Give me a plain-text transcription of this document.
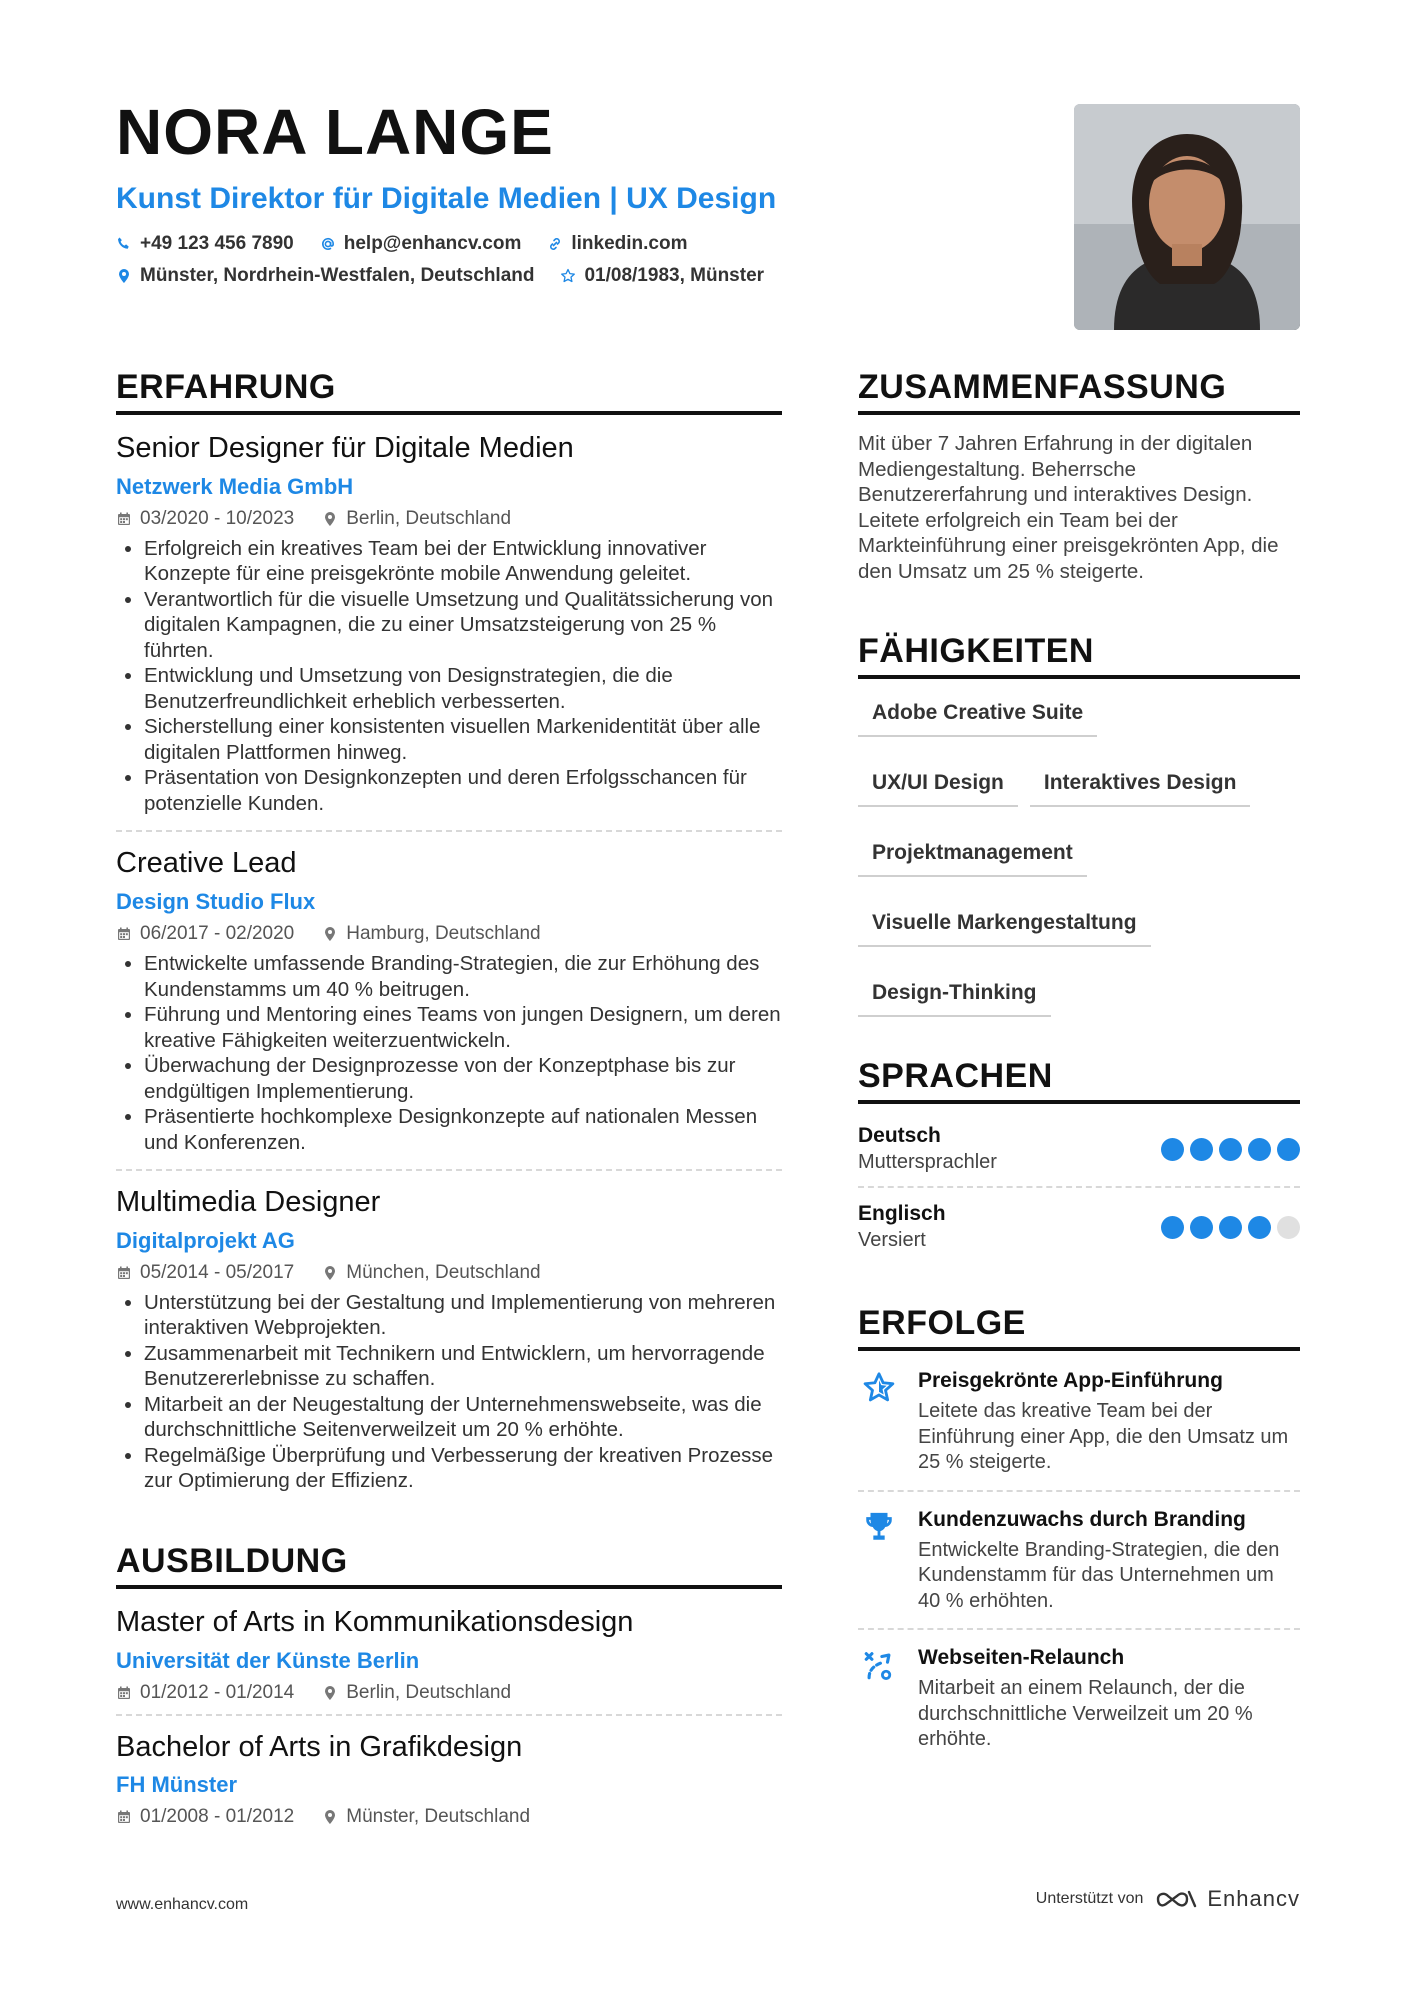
NORA LANGE
Kunst Direktor für Digitale Medien | UX Design
+49 123 456 7890	help@enhancv.com	linkedin.com
Münster, Nordrhein-Westfalen, Deutschland	01/08/1983, Münster
ERFAHRUNG
Senior Designer für Digitale Medien
Netzwerk Media GmbH
03/2020 - 10/2023	Berlin, Deutschland
• Erfolgreich ein kreatives Team bei der Entwicklung innovativer Konzepte für eine preisgekrönte mobile Anwendung geleitet.
• Verantwortlich für die visuelle Umsetzung und Qualitätssicherung von digitalen Kampagnen, die zu einer Umsatzsteigerung von 25 % führten.
• Entwicklung und Umsetzung von Designstrategien, die die Benutzerfreundlichkeit erheblich verbesserten.
• Sicherstellung einer konsistenten visuellen Markenidentität über alle digitalen Plattformen hinweg.
• Präsentation von Designkonzepten und deren Erfolgsschancen für potenzielle Kunden.
Creative Lead
Design Studio Flux
06/2017 - 02/2020	Hamburg, Deutschland
• Entwickelte umfassende Branding-Strategien, die zur Erhöhung des Kundenstamms um 40 % beitrugen.
• Führung und Mentoring eines Teams von jungen Designern, um deren kreative Fähigkeiten weiterzuentwickeln.
• Überwachung der Designprozesse von der Konzeptphase bis zur endgültigen Implementierung.
• Präsentierte hochkomplexe Designkonzepte auf nationalen Messen und Konferenzen.
Multimedia Designer
Digitalprojekt AG
05/2014 - 05/2017	München, Deutschland
• Unterstützung bei der Gestaltung und Implementierung von mehreren interaktiven Webprojekten.
• Zusammenarbeit mit Technikern und Entwicklern, um hervorragende Benutzererlebnisse zu schaffen.
• Mitarbeit an der Neugestaltung der Unternehmenswebseite, was die durchschnittliche Seitenverweilzeit um 20 % erhöhte.
• Regelmäßige Überprüfung und Verbesserung der kreativen Prozesse zur Optimierung der Effizienz.
AUSBILDUNG
Master of Arts in Kommunikationsdesign
Universität der Künste Berlin
01/2012 - 01/2014	Berlin, Deutschland
Bachelor of Arts in Grafikdesign
FH Münster
01/2008 - 01/2012	Münster, Deutschland
ZUSAMMENFASSUNG

Mit über 7 Jahren Erfahrung in der digitalen Mediengestaltung. Beherrsche Benutzererfahrung und interaktives Design. Leitete erfolgreich ein Team bei der Markteinführung einer preisgekrönten App, die den Umsatz um 25 % steigerte.

FÄHIGKEITEN
Adobe Creative Suite
UX/UI Design	Interaktives Design
Projektmanagement
Visuelle Markengestaltung
Design-Thinking
SPRACHEN
Deutsch
Muttersprachler
Englisch
Versiert
ERFOLGE
Preisgekrönte App-Einführung
Leitete das kreative Team bei der Einführung einer App, die den Umsatz um 25 % steigerte.
Kundenzuwachs durch Branding
Entwickelte Branding-Strategien, die den Kundenstamm für das Unternehmen um 40 % erhöhten.
Webseiten-Relaunch
Mitarbeit an einem Relaunch, der die durchschnittliche Verweilzeit um 20 % erhöhte.
www.enhancv.com	Unterstützt von	Enhancv
